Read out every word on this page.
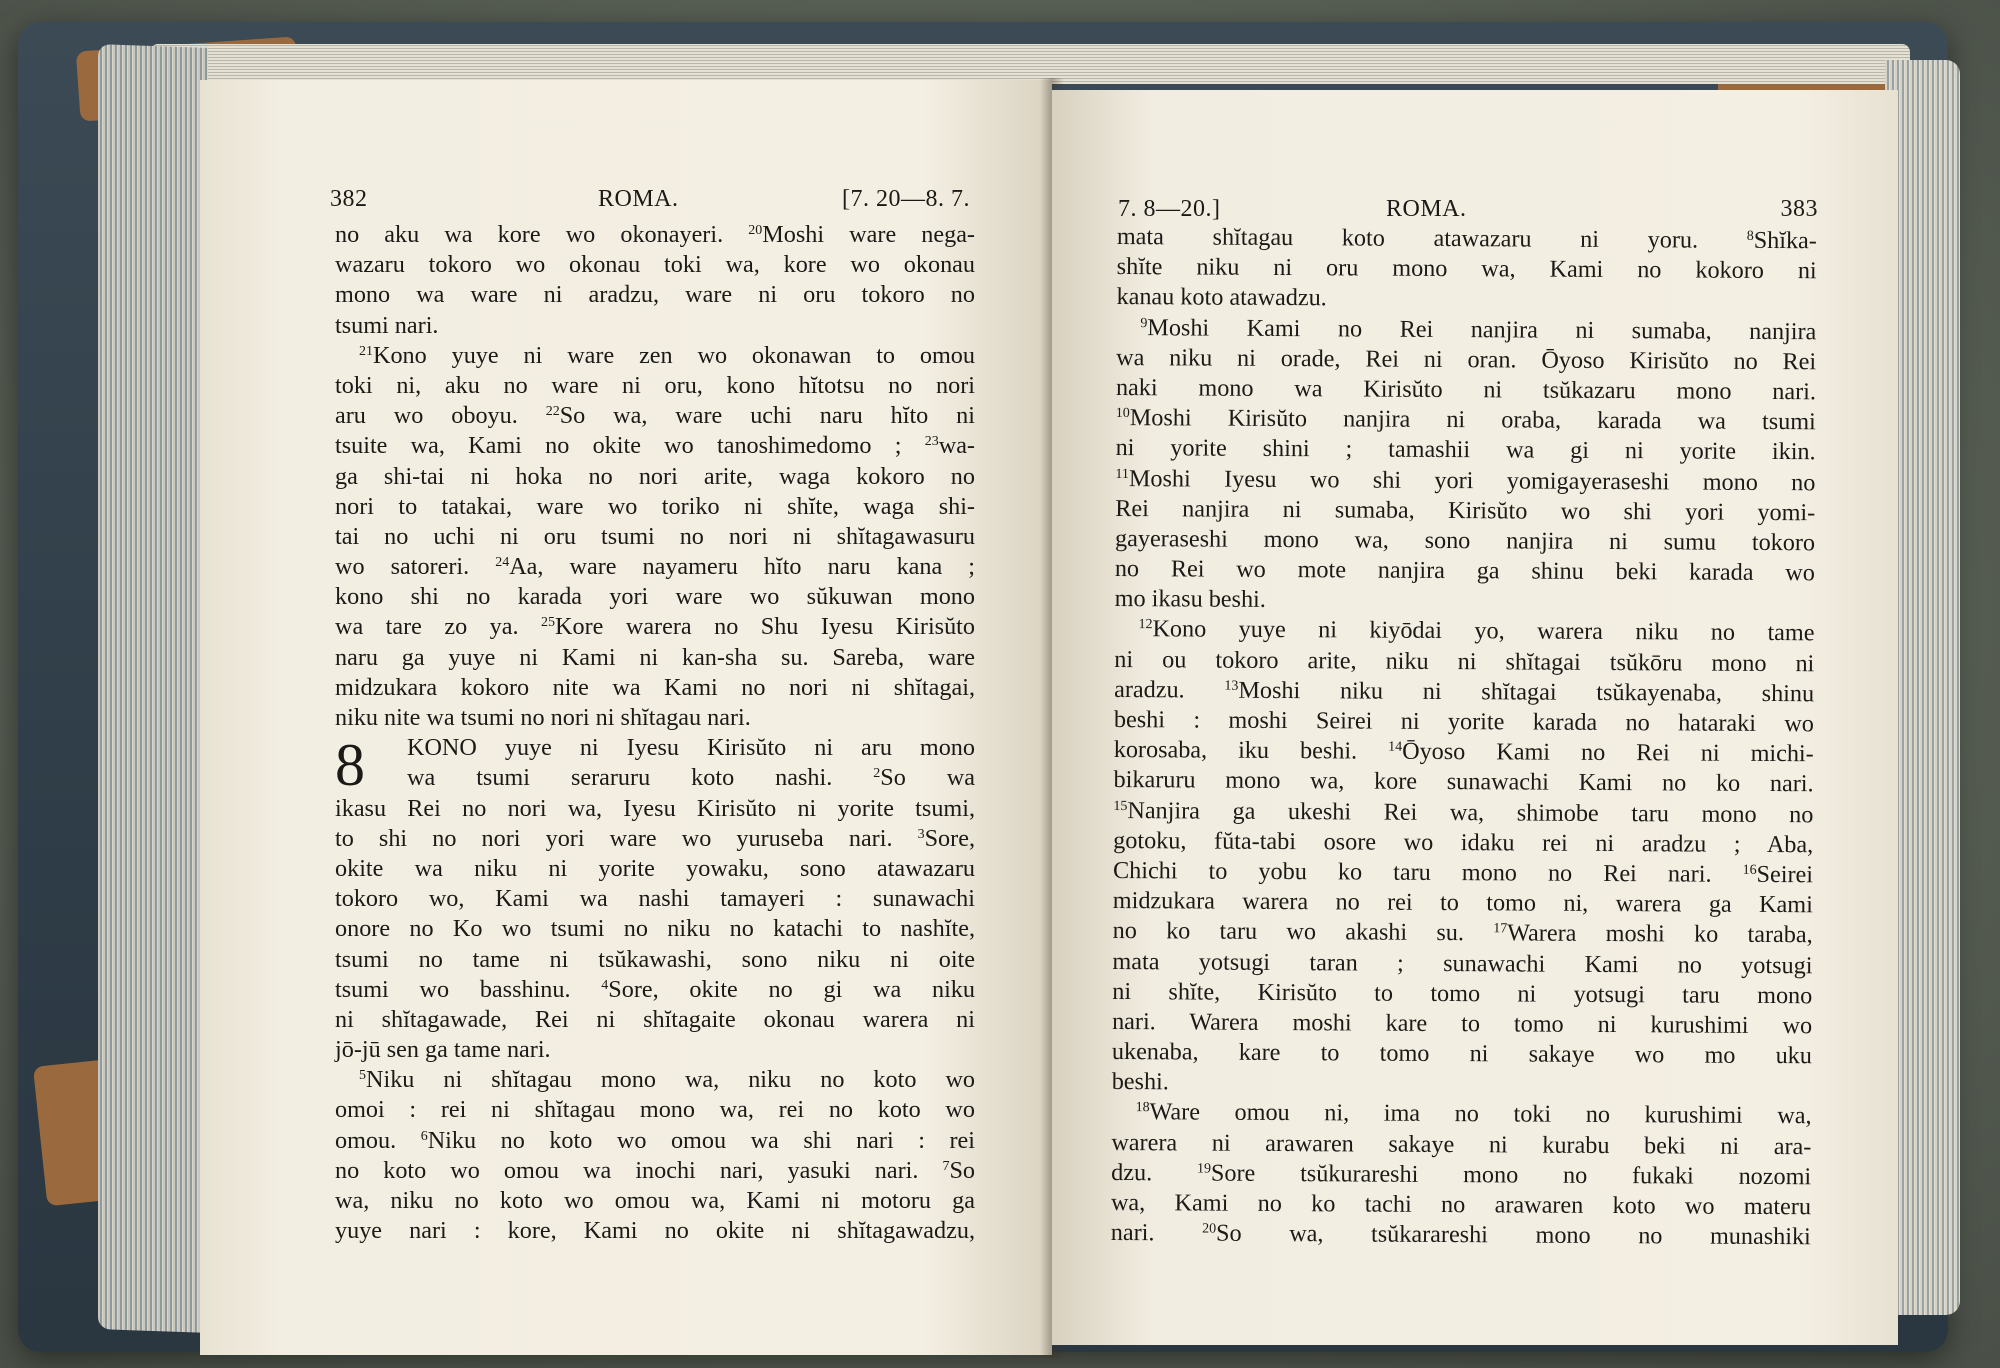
382	ROMA.	[7. 20—8. 7.
no aku wa kore wo okonayeri. $^{20}$Moshi ware nega-
wazaru tokoro wo okonau toki wa, kore wo okonau
mono wa ware ni aradzu, ware ni oru tokoro no
tsumi nari.
$^{21}$Kono yuye ni ware zen wo okonawan to omou
toki ni, aku no ware ni oru, kono hĭtotsu no nori
aru wo oboyu. $^{22}$So wa, ware uchi naru hĭto ni
tsuite wa, Kami no okite wo tanoshimedomo ; $^{23}$wa-
ga shi-tai ni hoka no nori arite, waga kokoro no
nori to tatakai, ware wo toriko ni shĭte, waga shi-
tai no uchi ni oru tsumi no nori ni shĭtagawasuru
wo satoreri. $^{24}$Aa, ware nayameru hĭto naru kana ;
kono shi no karada yori ware wo sŭkuwan mono
wa tare zo ya. $^{25}$Kore warera no Shu Iyesu Kirisŭto
naru ga yuye ni Kami ni kan-sha su. Sareba, ware
midzukara kokoro nite wa Kami no nori ni shĭtagai,
niku nite wa tsumi no nori ni shĭtagau nari.
8 KONO yuye ni Iyesu Kirisŭto ni aru mono
wa tsumi seraruru koto nashi. $^2$So wa
ikasu Rei no nori wa, Iyesu Kirisŭto ni yorite tsumi,
to shi no nori yori ware wo yuruseba nari. $^3$Sore,
okite wa niku ni yorite yowaku, sono atawazaru
tokoro wo, Kami wa nashi tamayeri : sunawachi
onore no Ko wo tsumi no niku no katachi to nashĭte,
tsumi no tame ni tsŭkawashi, sono niku ni oite
tsumi wo basshinu. $^4$Sore, okite no gi wa niku
ni shĭtagawade, Rei ni shĭtagaite okonau warera ni
jō-jū sen ga tame nari.
$^5$Niku ni shĭtagau mono wa, niku no koto wo
omoi : rei ni shĭtagau mono wa, rei no koto wo
omou. $^6$Niku no koto wo omou wa shi nari : rei
no koto wo omou wa inochi nari, yasuki nari. $^7$So
wa, niku no koto wo omou wa, Kami ni motoru ga
yuye nari : kore, Kami no okite ni shĭtagawadzu,
7. 8—20.]	ROMA.	383
mata shĭtagau koto atawazaru ni yoru. $^8$Shĭka-
shĭte niku ni oru mono wa, Kami no kokoro ni
kanau koto atawadzu.
$^9$Moshi Kami no Rei nanjira ni sumaba, nanjira
wa niku ni orade, Rei ni oran. Ōyoso Kirisŭto no Rei
naki mono wa Kirisŭto ni tsŭkazaru mono nari.
$^{10}$Moshi Kirisŭto nanjira ni oraba, karada wa tsumi
ni yorite shini ; tamashii wa gi ni yorite ikin.
$^{11}$Moshi Iyesu wo shi yori yomigayeraseshi mono no
Rei nanjira ni sumaba, Kirisŭto wo shi yori yomi-
gayeraseshi mono wa, sono nanjira ni sumu tokoro
no Rei wo mote nanjira ga shinu beki karada wo
mo ikasu beshi.
$^{12}$Kono yuye ni kiyōdai yo, warera niku no tame
ni ou tokoro arite, niku ni shĭtagai tsŭkōru mono ni
aradzu. $^{13}$Moshi niku ni shĭtagai tsŭkayenaba, shinu
beshi : moshi Seirei ni yorite karada no hataraki wo
korosaba, iku beshi. $^{14}$Ōyoso Kami no Rei ni michi-
bikaruru mono wa, kore sunawachi Kami no ko nari.
$^{15}$Nanjira ga ukeshi Rei wa, shimobe taru mono no
gotoku, fŭta-tabi osore wo idaku rei ni aradzu ; Aba,
Chichi to yobu ko taru mono no Rei nari. $^{16}$Seirei
midzukara warera no rei to tomo ni, warera ga Kami
no ko taru wo akashi su. $^{17}$Warera moshi ko taraba,
mata yotsugi taran ; sunawachi Kami no yotsugi
ni shĭte, Kirisŭto to tomo ni yotsugi taru mono
nari. Warera moshi kare to tomo ni kurushimi wo
ukenaba, kare to tomo ni sakaye wo mo uku
beshi.
$^{18}$Ware omou ni, ima no toki no kurushimi wa,
warera ni arawaren sakaye ni kurabu beki ni ara-
dzu. $^{19}$Sore tsŭkurareshi mono no fukaki nozomi
wa, Kami no ko tachi no arawaren koto wo materu
nari. $^{20}$So wa, tsŭkarareshi mono no munashiki
